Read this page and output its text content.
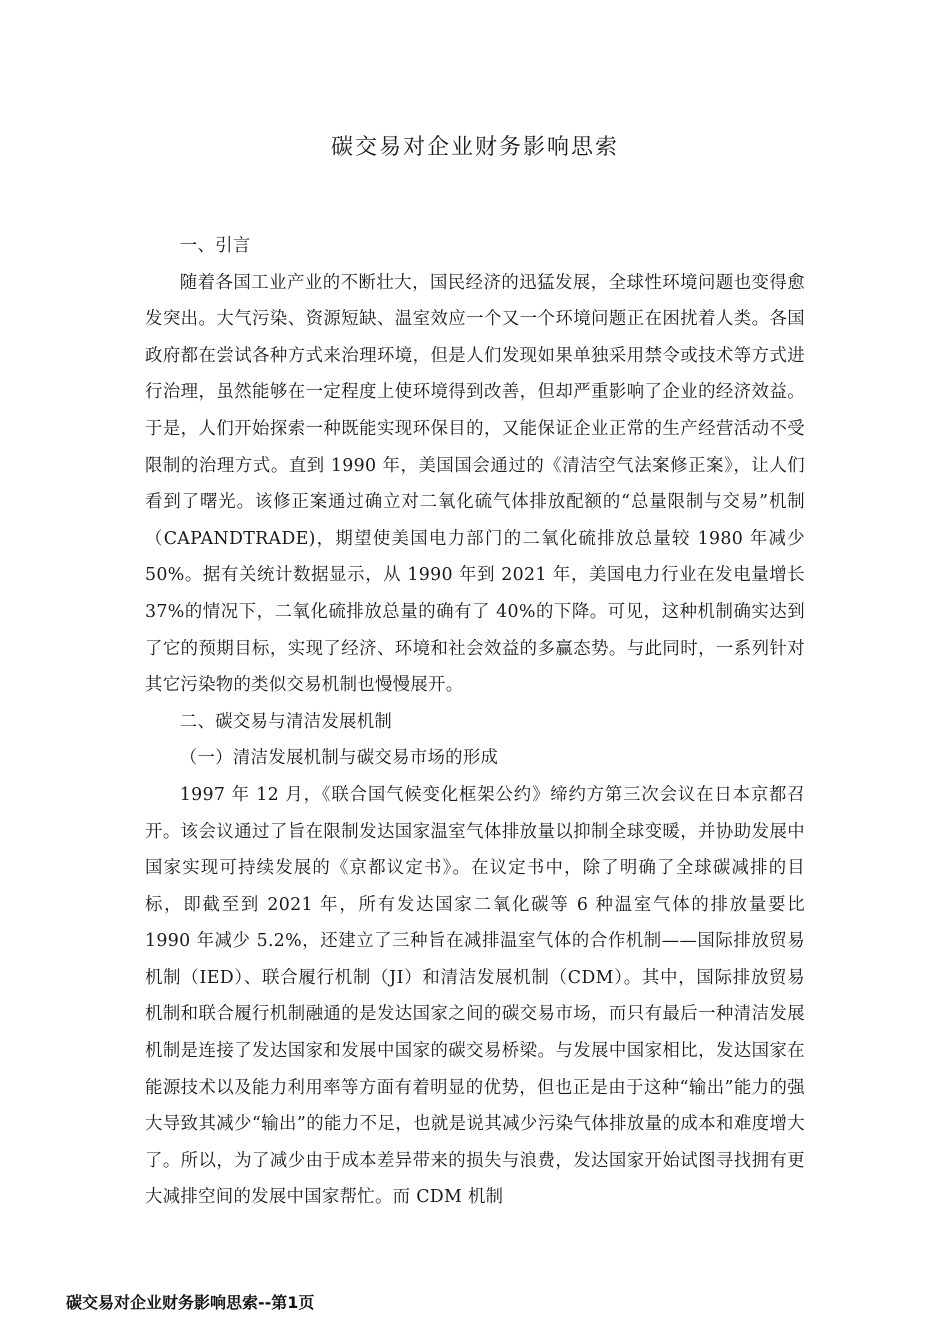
碳交易对企业财务影响思索

一、引言

随着各国工业产业的不断壮大，国民经济的迅猛发展，全球性环境问题也变得愈发突出。大气污染、资源短缺、温室效应一个又一个环境问题正在困扰着人类。各国政府都在尝试各种方式来治理环境，但是人们发现如果单独采用禁令或技术等方式进行治理，虽然能够在一定程度上使环境得到改善，但却严重影响了企业的经济效益。于是，人们开始探索一种既能实现环保目的，又能保证企业正常的生产经营活动不受限制的治理方式。直到 1990 年，美国国会通过的《清洁空气法案修正案》，让人们看到了曙光。该修正案通过确立对二氧化硫气体排放配额的“总量限制与交易”机制（CAPANDTRADE)，期望使美国电力部门的二氧化硫排放总量较 1980 年减少 50%。据有关统计数据显示，从 1990 年到 2021 年，美国电力行业在发电量增长 37%的情况下，二氧化硫排放总量的确有了 40%的下降。可见，这种机制确实达到了它的预期目标，实现了经济、环境和社会效益的多赢态势。与此同时，一系列针对其它污染物的类似交易机制也慢慢展开。

二、碳交易与清洁发展机制

（一）清洁发展机制与碳交易市场的形成

1997 年 12 月，《联合国气候变化框架公约》缔约方第三次会议在日本京都召开。该会议通过了旨在限制发达国家温室气体排放量以抑制全球变暖，并协助发展中国家实现可持续发展的《京都议定书》。在议定书中，除了明确了全球碳减排的目标，即截至到 2021 年，所有发达国家二氧化碳等 6 种温室气体的排放量要比 1990 年减少 5.2%，还建立了三种旨在减排温室气体的合作机制——国际排放贸易机制（IED）、联合履行机制（JI）和清洁发展机制（CDM）。其中，国际排放贸易机制和联合履行机制融通的是发达国家之间的碳交易市场，而只有最后一种清洁发展机制是连接了发达国家和发展中国家的碳交易桥梁。与发展中国家相比，发达国家在能源技术以及能力利用率等方面有着明显的优势，但也正是由于这种“输出”能力的强大导致其减少“输出”的能力不足，也就是说其减少污染气体排放量的成本和难度增大了。所以，为了减少由于成本差异带来的损失与浪费，发达国家开始试图寻找拥有更大减排空间的发展中国家帮忙。而 CDM 机制

碳交易对企业财务影响思索--第1页
